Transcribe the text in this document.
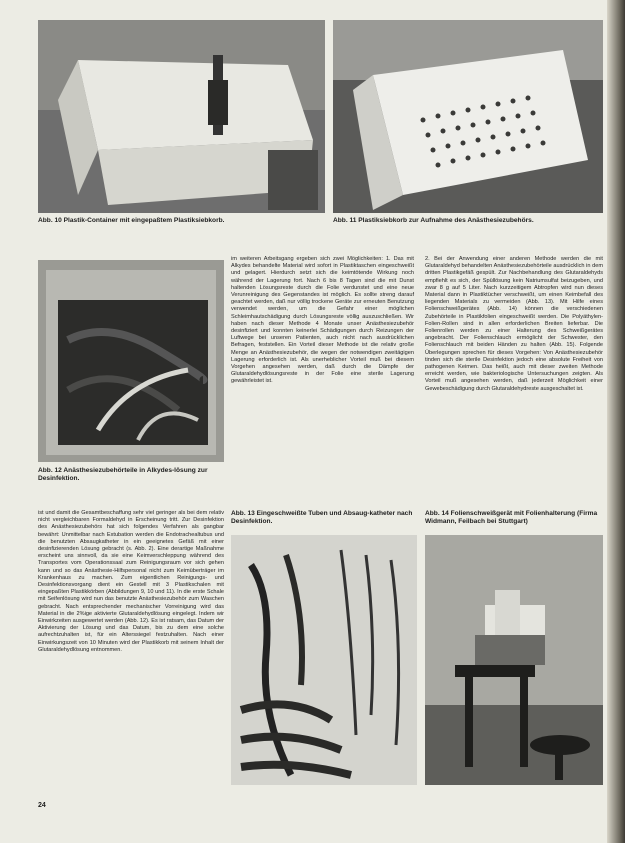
Abb. 10 Plastik-Container mit eingepaßtem Plastiksiebkorb.	Abb. 11 Plastiksiebkorb zur Aufnahme des Anästhesiezubehörs.
Abb. 12 Anästhesiezubehörteile in Alkydes-lösung zur Desinfektion.

im weiteren Arbeitsgang ergeben sich zwei Möglichkeiten: 1. Das mit Alkydes behandelte Material wird sofort in Plastiktaschen eingeschweißt und gelagert. Hierdurch setzt sich die keimtötende Wirkung noch während der Lagerung fort. Nach 6 bis 8 Tagen sind die mit Dunst haltenden Lösungsreste durch die Folie verdunstet und eine neue Verunreinigung des Gegenstandes ist möglich. Es sollte streng darauf geachtet werden, daß nur völlig trockene Geräte zur erneuten Benutzung verwendet werden, um die Gefahr einer möglichen Schleimhautschädigung durch Lösungsreste völlig auszuschließen. Wir haben nach dieser Methode 4 Monate unser Anästhesiezubehör desinfiziert und konnten keinerlei Schädigungen durch Reizungen der Luftwege bei unseren Patienten, auch nicht nach ausdrücklichen Befragen, feststellen. Ein Vorteil dieser Methode ist die relativ große Menge an Anästhesiezubehör, die wegen der notwendigen zweitägigen Lagerung erforderlich ist. Als unerheblicher Vorteil muß bei diesem Vorgehen angesehen werden, daß durch die Dämpfe der Glutaraldehydlösungsreste in der Folie eine sterile Lagerung gewährleistet ist.

2. Bei der Anwendung einer anderen Methode werden die mit Glutaraldehyd behandelten Anästhesiezubehörteile ausdrücklich in dem dritten Plastikgefäß gespült. Zur Nachbehandlung des Glutaraldehyds empfiehlt es sich, der Spüllösung kein Natriumsulfat beizugeben, und zwar 8 g auf 5 Liter. Nach kurzzeitigem Abtropfen wird nun dieses Material dann in Plastiktücher verschweißt, um einen Keimbefall des liegenden Materials zu vermeiden (Abb. 13). Mit Hilfe eines Folienschweißgerätes (Abb. 14) können die verschiedenen Zubehörteile in Plastikfolien eingeschweißt werden. Die Polyäthylen-Folien-Rollen sind in allen erforderlichen Breiten lieferbar. Die Folienrollen werden zu einer Halterung des Schweißgerätes angebracht. Der Folienschlauch ermöglicht der Schwester, den Folienschlauch mit beiden Händen zu halten (Abb. 15). Folgende Überlegungen sprechen für dieses Vorgehen: Von Anästhesiezubehör tinden sich die sterile Desinfektion jedoch eine absolute Freiheit von pathogenen Keimen. Das heißt, auch mit dieser zweiten Methode erreicht werden, wie bakteriologische Untersuchungen zeigten. Als Vorteil muß angesehen werden, daß jederzeit Möglichkeit einer Gewebeschädigung durch Glutaraldehydreste ausgeschaltet ist.

ist und damit die Gesamtbeschaffung sehr viel geringer als bei dem relativ nicht vergleichbaren Formaldehyd in Erscheinung tritt. Zur Desinfektion des Anästhesiezubehörs hat sich folgendes Verfahren als gangbar bewährt: Unmittelbar nach Extubation werden die Endotrachealtubus und die benutzten Absaugkatheter in ein geeignetes Gefäß mit einer desinfizierenden Lösung gebracht (s. Abb. 2). Eine derartige Maßnahme erscheint uns sinnvoll, da sie eine Keimverschleppung während des Transportes vom Operationssaal zum Reinigungsraum vor sich gehen kann und so das Anästhesie-Hilfspersonal nicht zum Keimüberträger im Krankenhaus zu machen. Zum eigentlichen Reinigungs- und Desinfektionsvorgang dient ein Gestell mit 3 Plastikschalen mit eingepaßten Plastikkörben (Abbildungen 9, 10 und 11). In die erste Schale mit Seifenlösung wird nun das benutzte Anästhesiezubehör zum Waschen gebracht. Nach entsprechender mechanischer Vorreinigung wird das Material in die 2%ige aktivierte Glutaraldehydlösung eingelegt. Indem wir Einwirkzeiten ausgewertet werden (Abb. 12). Es ist ratsam, das Datum der Aktivierung der Lösung und das Datum, bis zu dem eine solche aufrechtzuhalten ist, für ein Alterssiegel festzuhalten. Nach einer Einwirkungszeit von 10 Minuten wird der Plastikkorb mit seinem Inhalt der Glutaraldehydlösung entnommen.

Abb. 13 Eingeschweißte Tuben und Absaug-katheter nach Desinfektion.
Abb. 14 Folienschweißgerät mit Folienhalterung (Firma Widmann, Feilbach bei Stuttgart)
24
